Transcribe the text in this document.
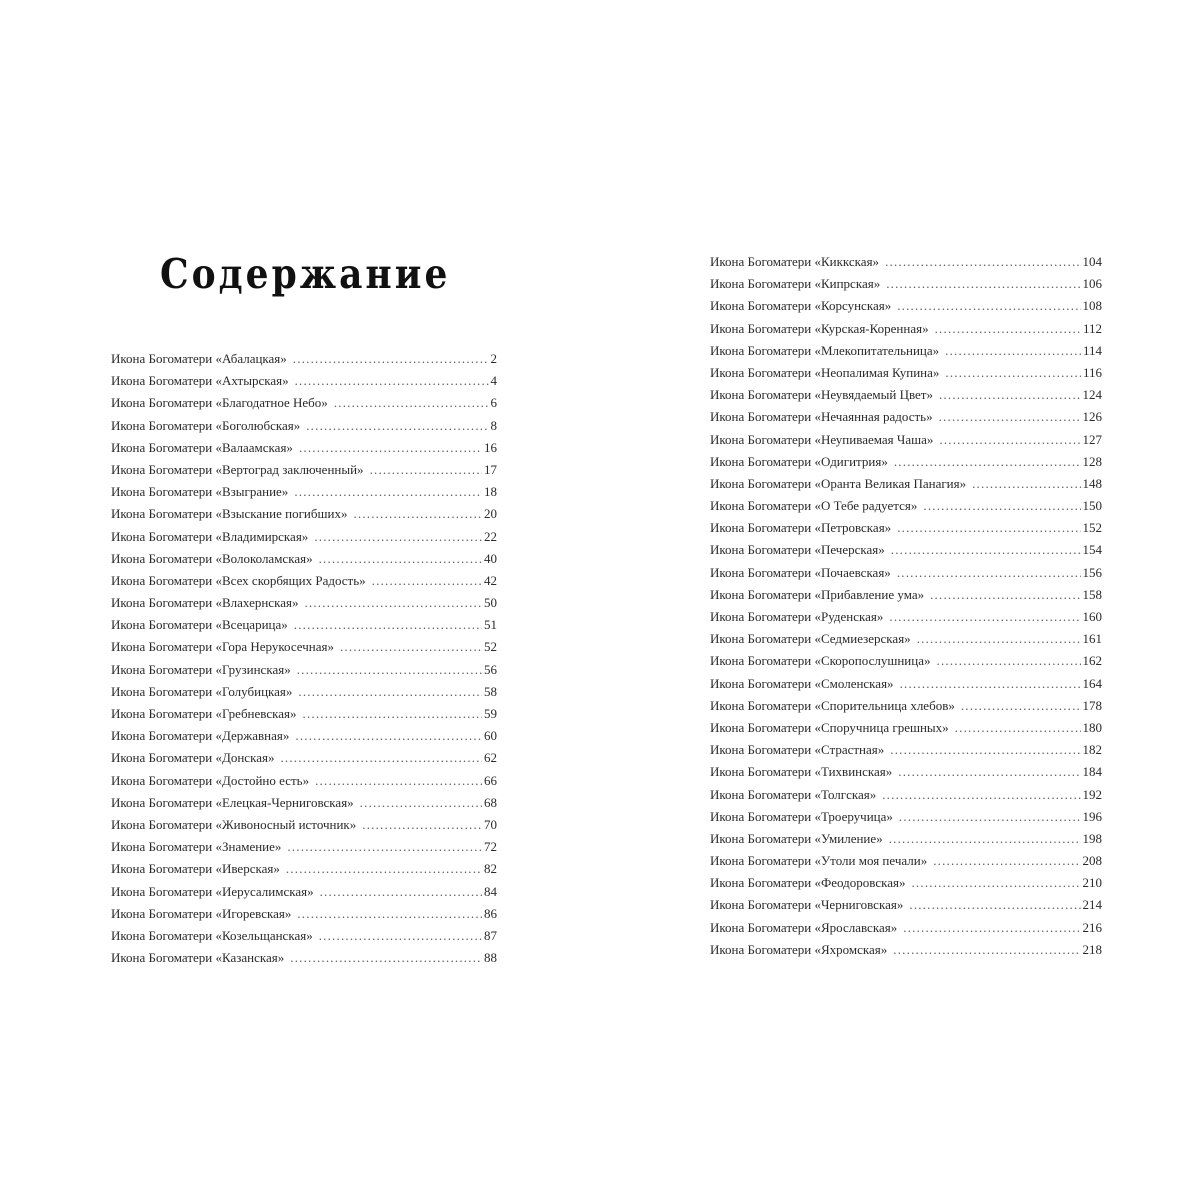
Содержание
Икона Богоматери «Абалацкая» .....	2
Икона Богоматери «Ахтырская» .....	4
Икона Богоматери «Благодатное Небо» .....	6
Икона Богоматери «Боголюбская» .....	8
Икона Богоматери «Валаамская» .....	16
Икона Богоматери «Вертоград заключенный» .....	17
Икона Богоматери «Взыграние» .....	18
Икона Богоматери «Взыскание погибших» .....	20
Икона Богоматери «Владимирская» .....	22
Икона Богоматери «Волоколамская» .....	40
Икона Богоматери «Всех скорбящих Радость» .....	42
Икона Богоматери «Влахернская» .....	50
Икона Богоматери «Всецарица» .....	51
Икона Богоматери «Гора Нерукосечная» .....	52
Икона Богоматери «Грузинская» .....	56
Икона Богоматери «Голубицкая» .....	58
Икона Богоматери «Гребневская» .....	59
Икона Богоматери «Державная» .....	60
Икона Богоматери «Донская» .....	62
Икона Богоматери «Достойно есть» .....	66
Икона Богоматери «Елецкая-Черниговская» .....	68
Икона Богоматери «Живоносный источник» .....	70
Икона Богоматери «Знамение» .....	72
Икона Богоматери «Иверская» .....	82
Икона Богоматери «Иерусалимская» .....	84
Икона Богоматери «Игоревская» .....	86
Икона Богоматери «Козельщанская» .....	87
Икона Богоматери «Казанская» .....	88
Икона Богоматери «Киккская» .....	104
Икона Богоматери «Кипрская» .....	106
Икона Богоматери «Корсунская» .....	108
Икона Богоматери «Курская-Коренная» .....	112
Икона Богоматери «Млекопитательница» .....	114
Икона Богоматери «Неопалимая Купина» .....	116
Икона Богоматери «Неувядаемый Цвет» .....	124
Икона Богоматери «Нечаянная радость» .....	126
Икона Богоматери «Неупиваемая Чаша» .....	127
Икона Богоматери «Одигитрия» .....	128
Икона Богоматери «Оранта Великая Панагия» .....	148
Икона Богоматери «О Тебе радуется» .....	150
Икона Богоматери «Петровская» .....	152
Икона Богоматери «Печерская» .....	154
Икона Богоматери «Почаевская» .....	156
Икона Богоматери «Прибавление ума» .....	158
Икона Богоматери «Руденская» .....	160
Икона Богоматери «Седмиезерская» .....	161
Икона Богоматери «Скоропослушница» .....	162
Икона Богоматери «Смоленская» .....	164
Икона Богоматери «Спорительница хлебов» .....	178
Икона Богоматери «Споручница грешных» .....	180
Икона Богоматери «Страстная» .....	182
Икона Богоматери «Тихвинская» .....	184
Икона Богоматери «Толгская» .....	192
Икона Богоматери «Троеручица» .....	196
Икона Богоматери «Умиление» .....	198
Икона Богоматери «Утоли моя печали» .....	208
Икона Богоматери «Феодоровская» .....	210
Икона Богоматери «Черниговская» .....	214
Икона Богоматери «Ярославская» .....	216
Икона Богоматери «Яхромская» .....	218
